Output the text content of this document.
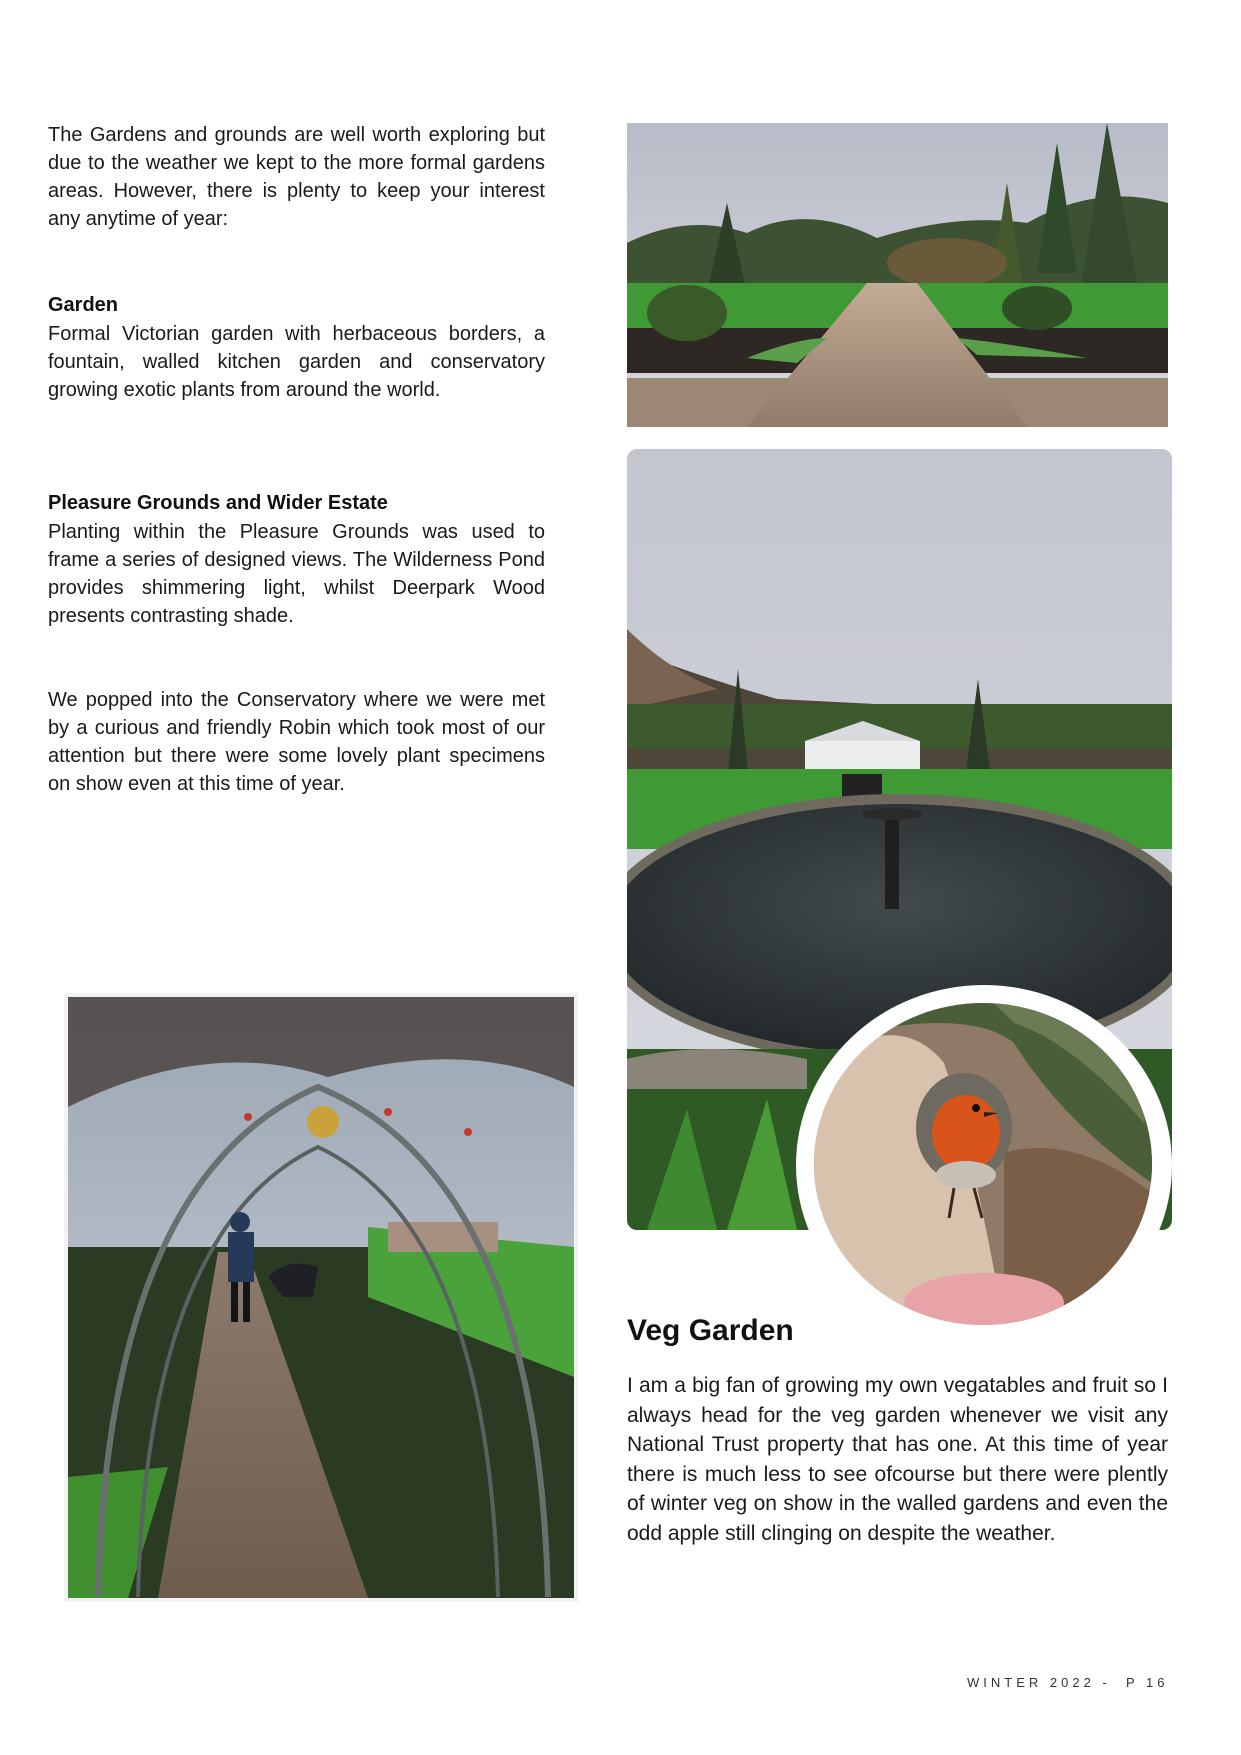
The Gardens and grounds are well worth exploring but due to the weather we kept to the more formal gardens areas. However, there is plenty to keep your interest any anytime of year:

Garden

Formal Victorian garden with herbaceous borders, a fountain, walled kitchen garden and conservatory growing exotic plants from around the world.

Pleasure Grounds and Wider Estate

Planting within the Pleasure Grounds was used to frame a series of designed views. The Wilderness Pond provides shimmering light, whilst Deerpark Wood presents contrasting shade.

We popped into the Conservatory where we were met by a curious and friendly Robin which took most of our attention but there were some lovely plant specimens on show even at this time of year.

Veg Garden

I am a big fan of growing my own vegatables and fruit so I always head for the veg garden whenever we visit any National Trust property that has one. At this time of year there is much less to see ofcourse but there were plently of winter veg on show in the walled gardens and even the odd apple still clinging on despite the weather.

WINTER 2022 -  P 16
